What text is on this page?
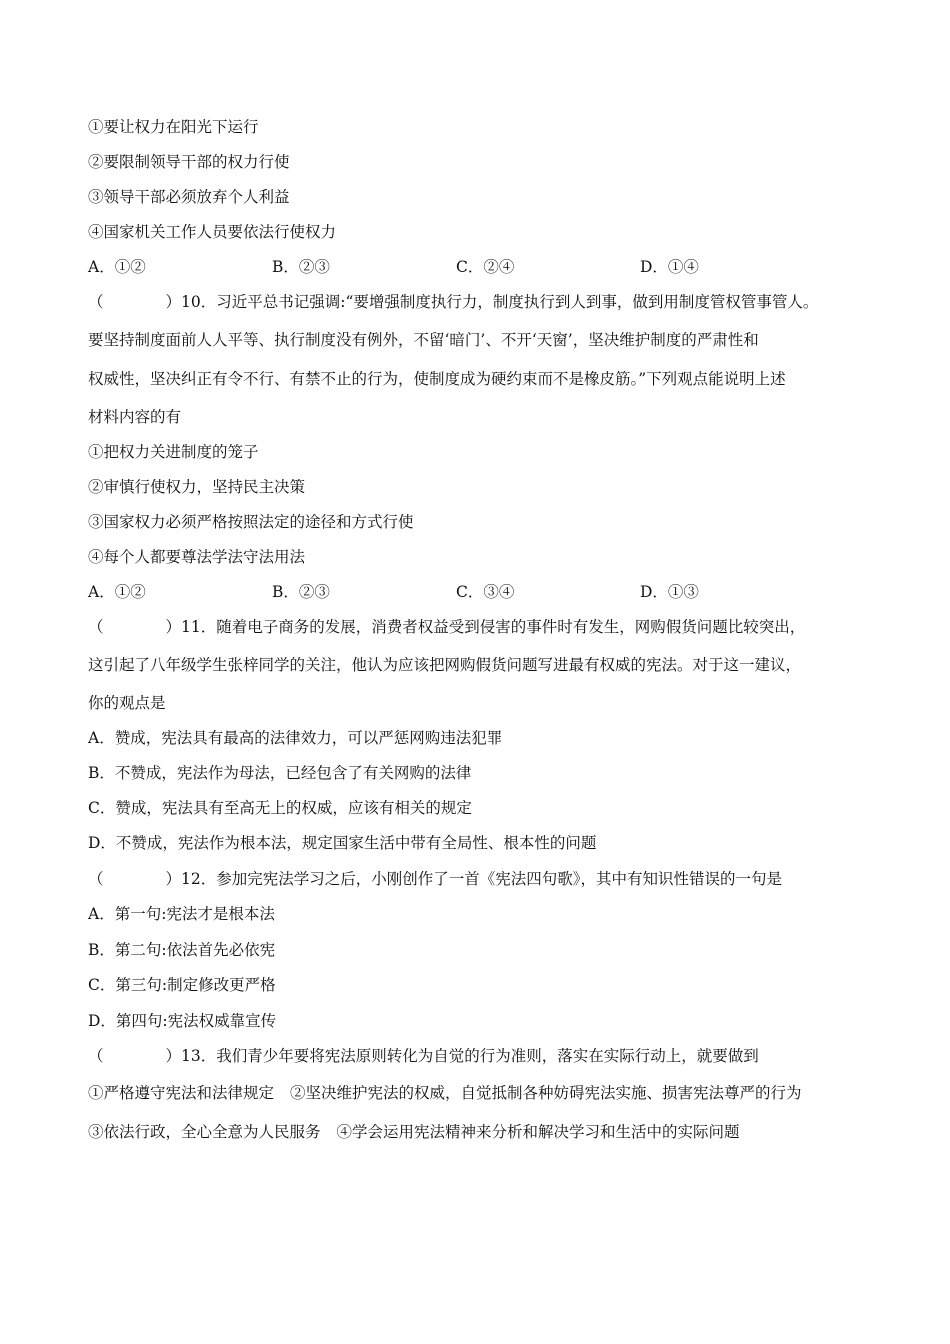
①要让权力在阳光下运行
②要限制领导干部的权力行使
③领导干部必须放弃个人利益
④国家机关工作人员要依法行使权力
A．①②	B．②③	C．②④	D．①④
（　　　　）10．习近平总书记强调:“要增强制度执行力，制度执行到人到事，做到用制度管权管事管人。
要坚持制度面前人人平等、执行制度没有例外，不留‘暗门’、不开‘天窗’，坚决维护制度的严肃性和
权威性，坚决纠正有令不行、有禁不止的行为，使制度成为硬约束而不是橡皮筋。”下列观点能说明上述
材料内容的有
①把权力关进制度的笼子
②审慎行使权力，坚持民主决策
③国家权力必须严格按照法定的途径和方式行使
④每个人都要尊法学法守法用法
A．①②	B．②③	C．③④	D．①③
（　　　　）11．随着电子商务的发展，消费者权益受到侵害的事件时有发生，网购假货问题比较突出，
这引起了八年级学生张梓同学的关注，他认为应该把网购假货问题写进最有权威的宪法。对于这一建议，
你的观点是
A．赞成，宪法具有最高的法律效力，可以严惩网购违法犯罪
B．不赞成，宪法作为母法，已经包含了有关网购的法律
C．赞成，宪法具有至高无上的权威，应该有相关的规定
D．不赞成，宪法作为根本法，规定国家生活中带有全局性、根本性的问题
（　　　　）12．参加完宪法学习之后，小刚创作了一首《宪法四句歌》，其中有知识性错误的一句是
A．第一句:宪法才是根本法
B．第二句:依法首先必依宪
C．第三句:制定修改更严格
D．第四句:宪法权威靠宣传
（　　　　）13．我们青少年要将宪法原则转化为自觉的行为准则，落实在实际行动上，就要做到
①严格遵守宪法和法律规定 ②坚决维护宪法的权威，自觉抵制各种妨碍宪法实施、损害宪法尊严的行为
③依法行政，全心全意为人民服务 ④学会运用宪法精神来分析和解决学习和生活中的实际问题
